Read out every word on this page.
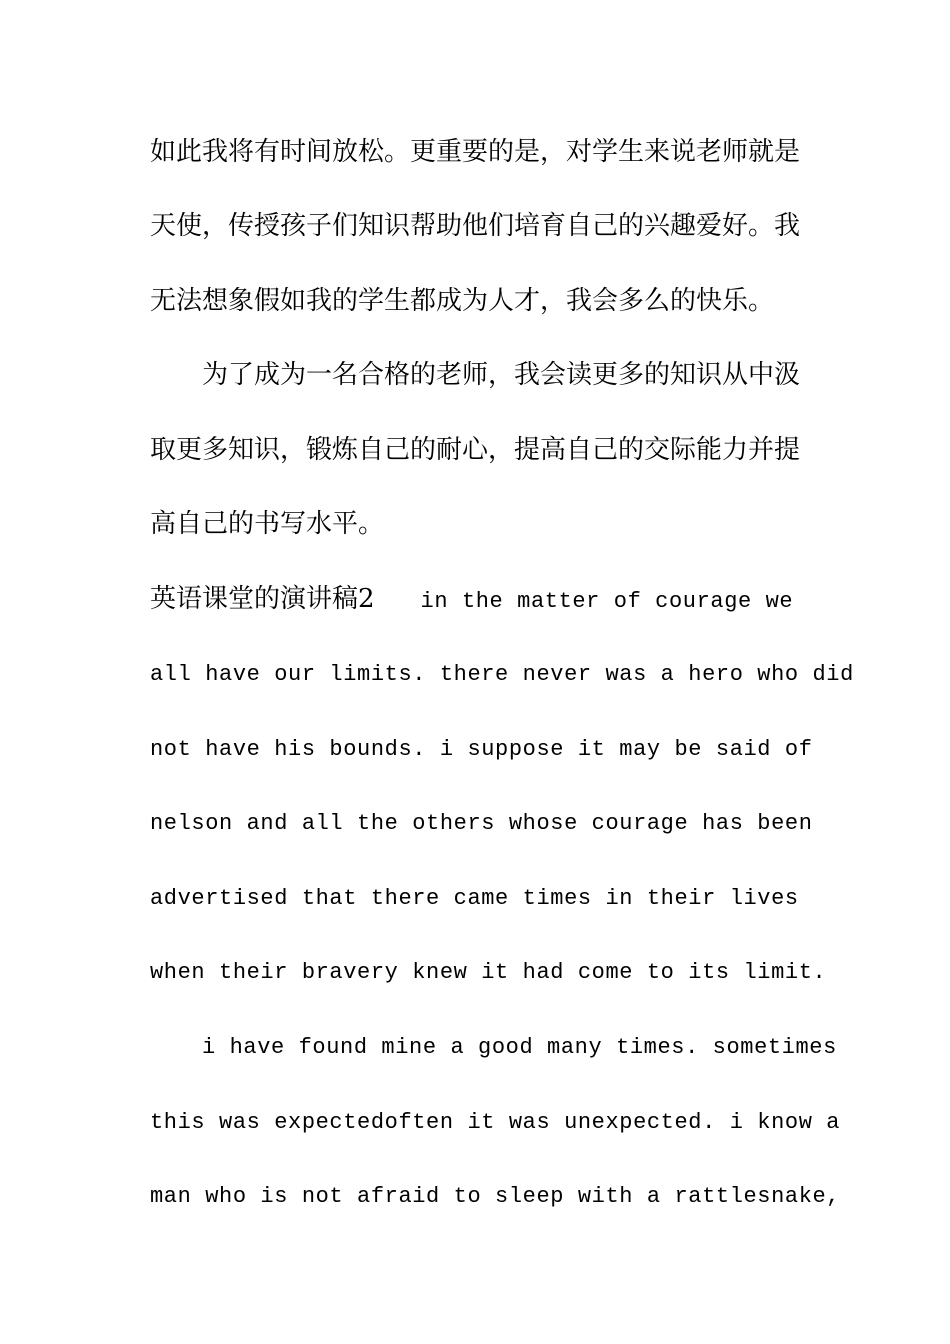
如此我将有时间放松。更重要的是，对学生来说老师就是
天使，传授孩子们知识帮助他们培育自己的兴趣爱好。我
无法想象假如我的学生都成为人才，我会多么的快乐。
为了成为一名合格的老师，我会读更多的知识从中汲
取更多知识，锻炼自己的耐心，提高自己的交际能力并提
高自己的书写水平。
英语课堂的演讲稿2 in the matter of courage we
all have our limits. there never was a hero who did
not have his bounds. i suppose it may be said of
nelson and all the others whose courage has been
advertised that there came times in their lives
when their bravery knew it had come to its limit.
i have found mine a good many times. sometimes
this was expectedoften it was unexpected. i know a
man who is not afraid to sleep with a rattlesnake,
